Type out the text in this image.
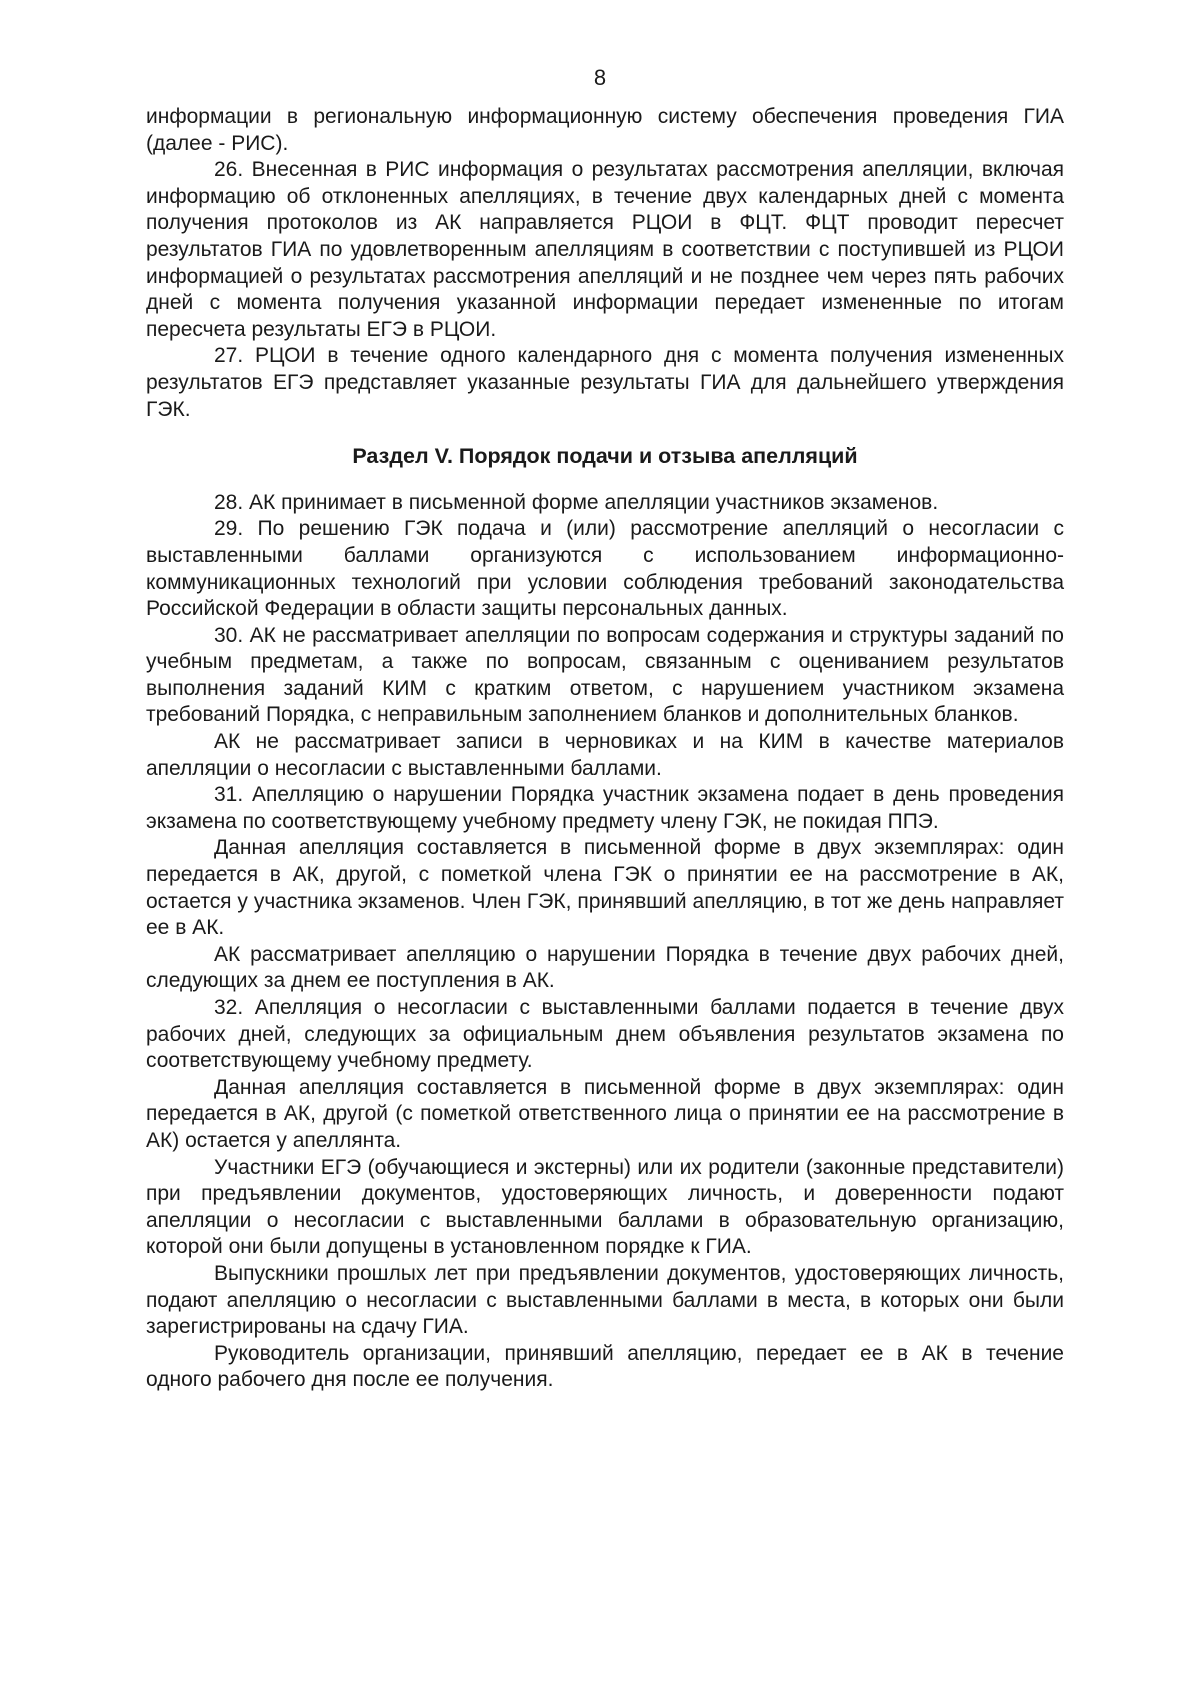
8

информации в региональную информационную систему обеспечения проведения ГИА (далее - РИС).

26. Внесенная в РИС информация о результатах рассмотрения апелляции, включая информацию об отклоненных апелляциях, в течение двух календарных дней с момента получения протоколов из АК направляется РЦОИ в ФЦТ. ФЦТ проводит пересчет результатов ГИА по удовлетворенным апелляциям в соответствии с поступившей из РЦОИ информацией о результатах рассмотрения апелляций и не позднее чем через пять рабочих дней с момента получения указанной информации передает измененные по итогам пересчета результаты ЕГЭ в РЦОИ.

27. РЦОИ в течение одного календарного дня с момента получения измененных результатов ЕГЭ представляет указанные результаты ГИА для дальнейшего утверждения ГЭК.

Раздел V. Порядок подачи и отзыва апелляций

28. АК принимает в письменной форме апелляции участников экзаменов.

29. По решению ГЭК подача и (или) рассмотрение апелляций о несогласии с выставленными баллами организуются с использованием информационно-коммуникационных технологий при условии соблюдения требований законодательства Российской Федерации в области защиты персональных данных.

30. АК не рассматривает апелляции по вопросам содержания и структуры заданий по учебным предметам, а также по вопросам, связанным с оцениванием результатов выполнения заданий КИМ с кратким ответом, с нарушением участником экзамена требований Порядка, с неправильным заполнением бланков и дополнительных бланков.

АК не рассматривает записи в черновиках и на КИМ в качестве материалов апелляции о несогласии с выставленными баллами.

31. Апелляцию о нарушении Порядка участник экзамена подает в день проведения экзамена по соответствующему учебному предмету члену ГЭК, не покидая ППЭ.

Данная апелляция составляется в письменной форме в двух экземплярах: один передается в АК, другой, с пометкой члена ГЭК о принятии ее на рассмотрение в АК, остается у участника экзаменов. Член ГЭК, принявший апелляцию, в тот же день направляет ее в АК.

АК рассматривает апелляцию о нарушении Порядка в течение двух рабочих дней, следующих за днем ее поступления в АК.

32. Апелляция о несогласии с выставленными баллами подается в течение двух рабочих дней, следующих за официальным днем объявления результатов экзамена по соответствующему учебному предмету.

Данная апелляция составляется в письменной форме в двух экземплярах: один передается в АК, другой (с пометкой ответственного лица о принятии ее на рассмотрение в АК) остается у апеллянта.

Участники ЕГЭ (обучающиеся и экстерны) или их родители (законные представители) при предъявлении документов, удостоверяющих личность, и доверенности подают апелляции о несогласии с выставленными баллами в образовательную организацию, которой они были допущены в установленном порядке к ГИА.

Выпускники прошлых лет при предъявлении документов, удостоверяющих личность, подают апелляцию о несогласии с выставленными баллами в места, в которых они были зарегистрированы на сдачу ГИА.

Руководитель организации, принявший апелляцию, передает ее в АК в течение одного рабочего дня после ее получения.
